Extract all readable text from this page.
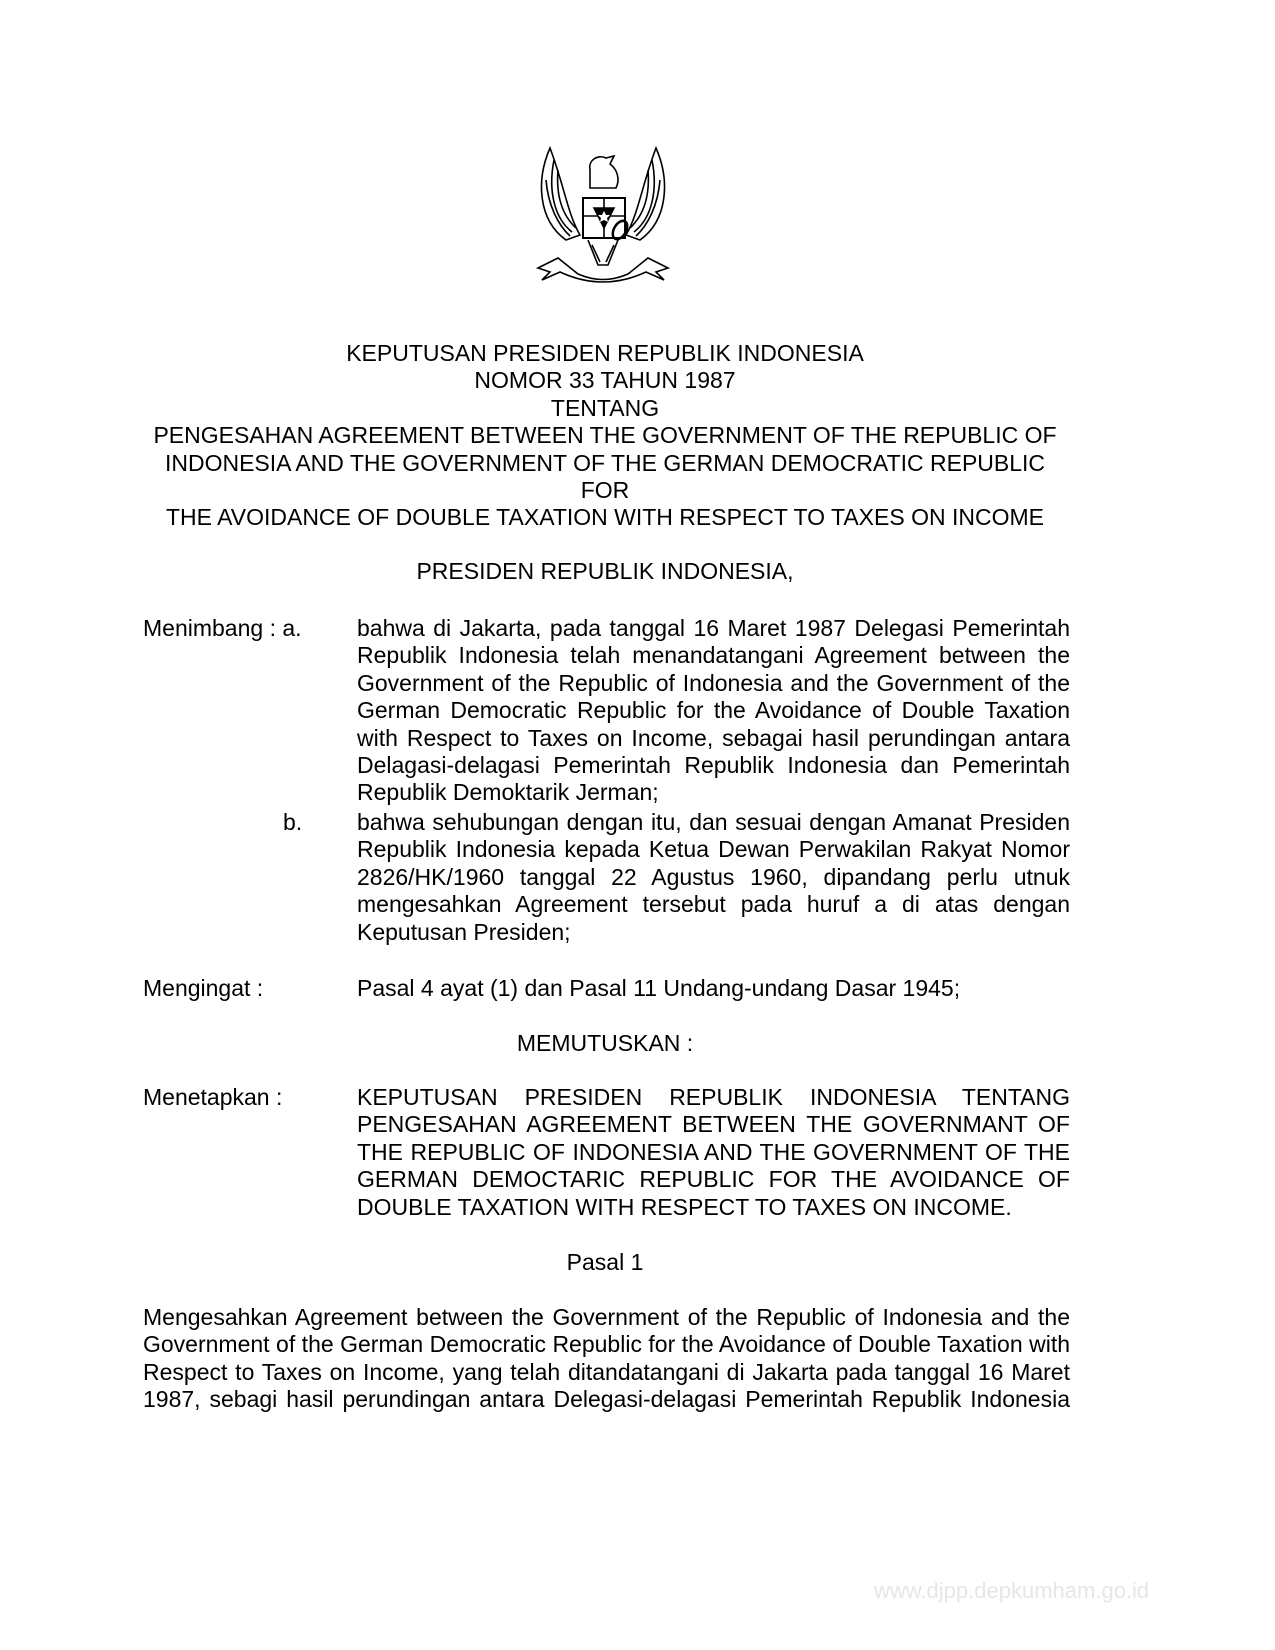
KEPUTUSAN PRESIDEN REPUBLIK INDONESIA
NOMOR 33 TAHUN 1987
TENTANG
PENGESAHAN AGREEMENT BETWEEN THE GOVERNMENT OF THE REPUBLIC OF
INDONESIA AND THE GOVERNMENT OF THE GERMAN DEMOCRATIC REPUBLIC
FOR
THE AVOIDANCE OF DOUBLE TAXATION WITH RESPECT TO TAXES ON INCOME
PRESIDEN REPUBLIK INDONESIA,
Menimbang : a. bahwa di Jakarta, pada tanggal 16 Maret 1987 Delegasi Pemerintah
Republik Indonesia telah menandatangani Agreement between the
Government of the Republic of Indonesia and the Government of the
German Democratic Republic for the Avoidance of Double Taxation
with Respect to Taxes on Income, sebagai hasil perundingan antara
Delagasi-delagasi Pemerintah Republik Indonesia dan Pemerintah
Republik Demoktarik Jerman;
b. bahwa sehubungan dengan itu, dan sesuai dengan Amanat Presiden
Republik Indonesia kepada Ketua Dewan Perwakilan Rakyat Nomor
2826/HK/1960 tanggal 22 Agustus 1960, dipandang perlu utnuk
mengesahkan Agreement tersebut pada huruf a di atas dengan
Keputusan Presiden;
Mengingat :	Pasal 4 ayat (1) dan Pasal 11 Undang-undang Dasar 1945;
MEMUTUSKAN :
Menetapkan :	KEPUTUSAN PRESIDEN REPUBLIK INDONESIA TENTANG
PENGESAHAN AGREEMENT BETWEEN THE GOVERNMANT OF
THE REPUBLIC OF INDONESIA AND THE GOVERNMENT OF THE
GERMAN DEMOCTARIC REPUBLIC FOR THE AVOIDANCE OF
DOUBLE TAXATION WITH RESPECT TO TAXES ON INCOME.
Pasal 1
Mengesahkan Agreement between the Government of the Republic of Indonesia and the
Government of the German Democratic Republic for the Avoidance of Double Taxation with
Respect to Taxes on Income, yang telah ditandatangani di Jakarta pada tanggal 16 Maret
1987, sebagi hasil perundingan antara Delegasi-delagasi Pemerintah Republik Indonesia
www.djpp.depkumham.go.id
